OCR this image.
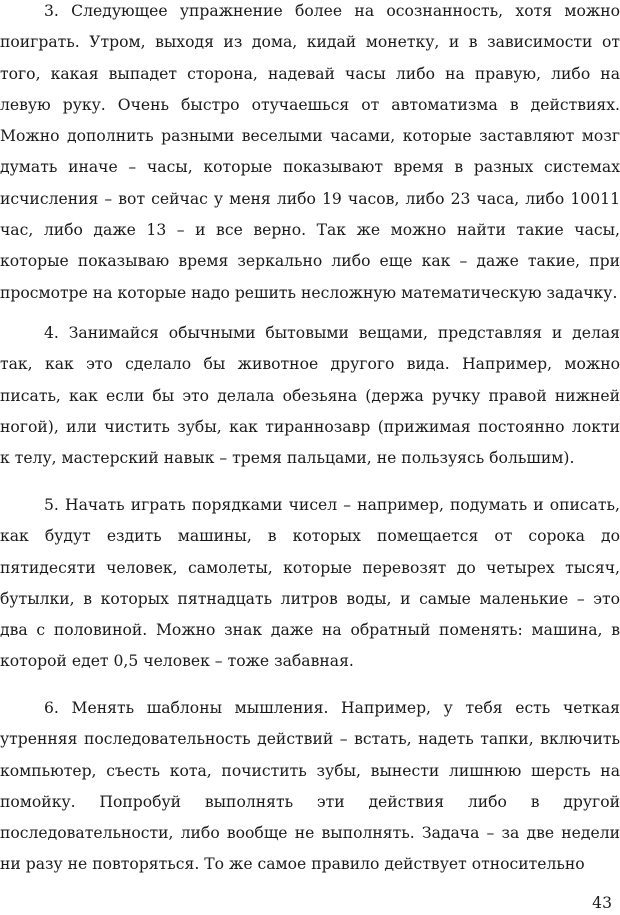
3. Следующее упражнение более на осознанность, хотя можно
поиграть. Утром, выходя из дома, кидай монетку, и в зависимости от
того, какая выпадет сторона, надевай часы либо на правую, либо на
левую руку. Очень быстро отучаешься от автоматизма в действиях.
Можно дополнить разными веселыми часами, которые заставляют мозг
думать иначе – часы, которые показывают время в разных системах
исчисления – вот сейчас у меня либо 19 часов, либо 23 часа, либо 10011
час, либо даже 13 – и все верно. Так же можно найти такие часы,
которые показываю время зеркально либо еще как – даже такие, при
просмотре на которые надо решить несложную математическую задачку.
4. Занимайся обычными бытовыми вещами, представляя и делая
так, как это сделало бы животное другого вида. Например, можно
писать, как если бы это делала обезьяна (держа ручку правой нижней
ногой), или чистить зубы, как тираннозавр (прижимая постоянно локти
к телу, мастерский навык – тремя пальцами, не пользуясь большим).
5. Начать играть порядками чисел – например, подумать и описать,
как будут ездить машины, в которых помещается от сорока до
пятидесяти человек, самолеты, которые перевозят до четырех тысяч,
бутылки, в которых пятнадцать литров воды, и самые маленькие – это
два с половиной. Можно знак даже на обратный поменять: машина, в
которой едет 0,5 человек – тоже забавная.
6. Менять шаблоны мышления. Например, у тебя есть четкая
утренняя последовательность действий – встать, надеть тапки, включить
компьютер, съесть кота, почистить зубы, вынести лишнюю шерсть на
помойку. Попробуй выполнять эти действия либо в другой
последовательности, либо вообще не выполнять. Задача – за две недели
ни разу не повторяться. То же самое правило действует относительно
43
